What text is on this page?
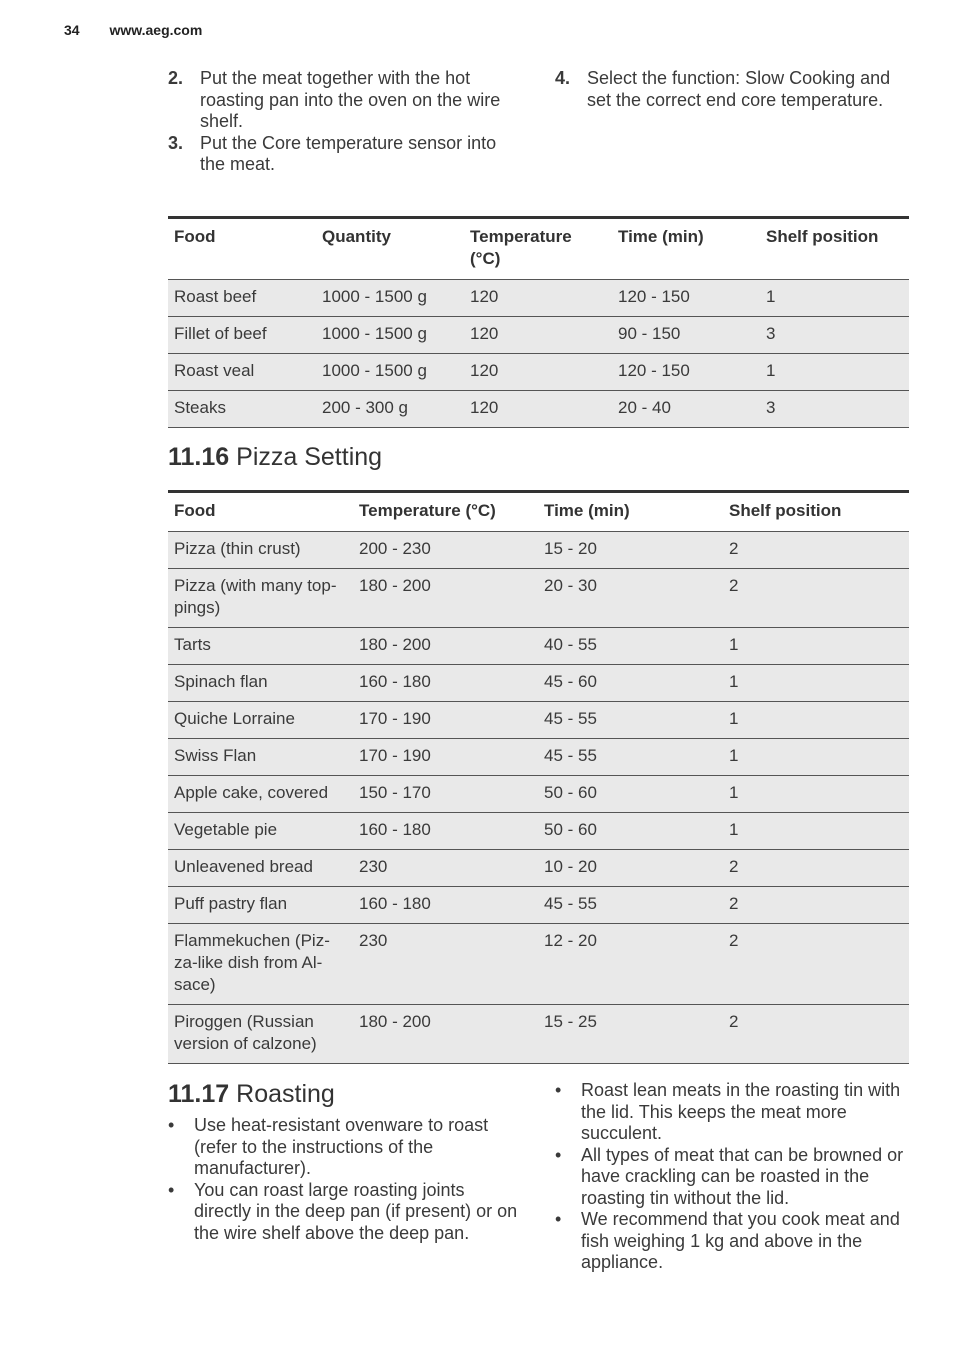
34 www.aeg.com
2. Put the meat together with the hot roasting pan into the oven on the wire shelf.
3. Put the Core temperature sensor into the meat.
4. Select the function: Slow Cooking and set the correct end core temperature.
Food	Quantity	Temperature (°C)	Time (min)	Shelf position
Roast beef	1000 - 1500 g	120	120 - 150	1
Fillet of beef	1000 - 1500 g	120	90 - 150	3
Roast veal	1000 - 1500 g	120	120 - 150	1
Steaks	200 - 300 g	120	20 - 40	3
11.16 Pizza Setting
Food	Temperature (°C)	Time (min)	Shelf position
Pizza (thin crust)	200 - 230	15 - 20	2
Pizza (with many top-pings)	180 - 200	20 - 30	2
Tarts	180 - 200	40 - 55	1
Spinach flan	160 - 180	45 - 60	1
Quiche Lorraine	170 - 190	45 - 55	1
Swiss Flan	170 - 190	45 - 55	1
Apple cake, covered	150 - 170	50 - 60	1
Vegetable pie	160 - 180	50 - 60	1
Unleavened bread	230	10 - 20	2
Puff pastry flan	160 - 180	45 - 55	2
Flammekuchen (Piz-za-like dish from Al-sace)	230	12 - 20	2
Piroggen (Russian version of calzone)	180 - 200	15 - 25	2
11.17 Roasting
• Use heat-resistant ovenware to roast (refer to the instructions of the manufacturer).
• You can roast large roasting joints directly in the deep pan (if present) or on the wire shelf above the deep pan.
• Roast lean meats in the roasting tin with the lid. This keeps the meat more succulent.
• All types of meat that can be browned or have crackling can be roasted in the roasting tin without the lid.
• We recommend that you cook meat and fish weighing 1 kg and above in the appliance.
